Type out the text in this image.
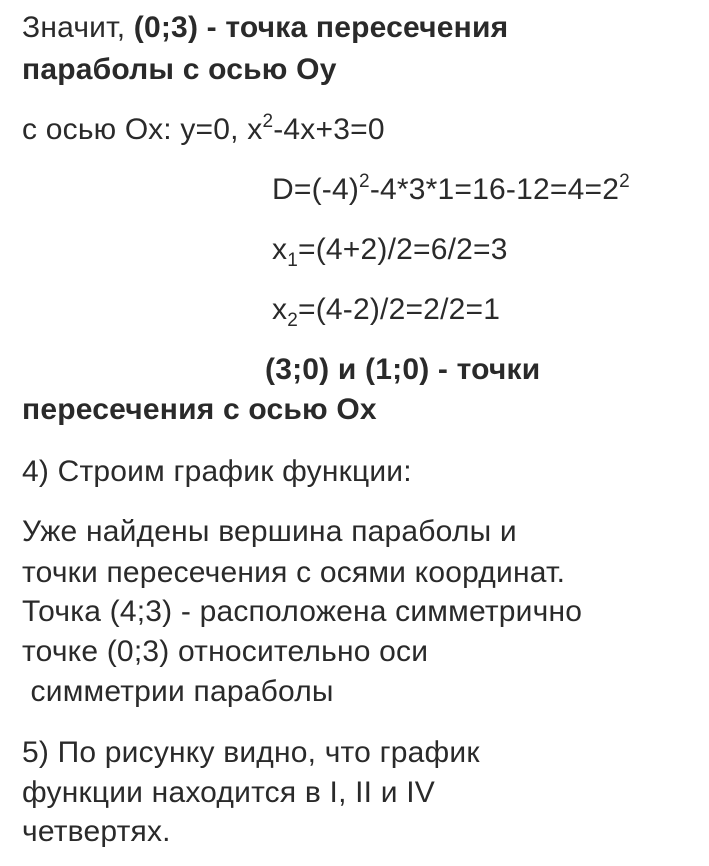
Значит, (0;3) - точка пересечения
параболы с осью Оу
с осью Ох: у=0, $х^2-4х+3=0$
$D=(-4)^2-4*3*1=16-12=4=2^2$
$x_1=(4+2)/2=6/2=3$
$x_2=(4-2)/2=2/2=1$
(3;0) и (1;0) - точки
пересечения с осью Ох
4) Строим график функции:
Уже найдены вершина параболы и
точки пересечения с осями координат.
Точка (4;3) - расположена симметрично
точке (0;3) относительно оси
симметрии параболы
5) По рисунку видно, что график
функции находится в I, II и IV
четвертях.
